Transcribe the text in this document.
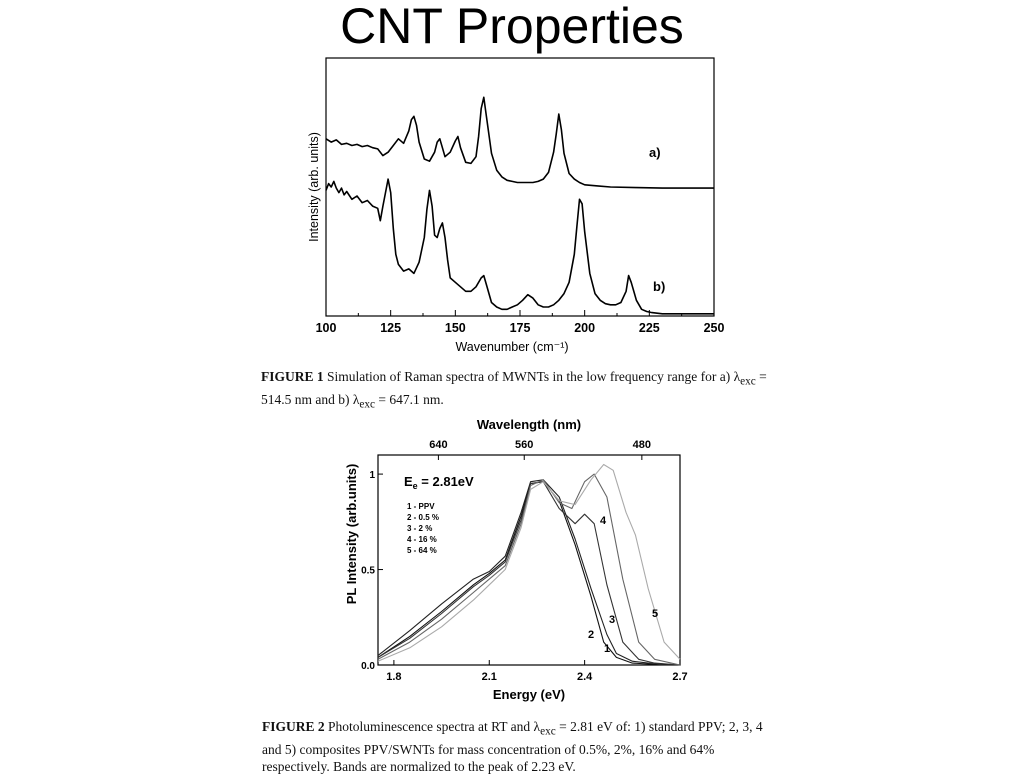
CNT Properties
100	125	150	175	200	225	250
a)
b)
Wavenumber (cm⁻¹)
Intensity (arb. units)
1.8	2.1	2.4	2.7
0.0
0.5
1
640	560	480
Wavelength (nm)
Energy (eV)
PL Intensity (arb.units)	$E_e = 2.81eV$
1 - PPV
2 - 0.5 %
3 - 2 %
4 - 16 %
5 - 64 %
1
2
3
4
5
FIGURE 1 Simulation of Raman spectra of MWNTs in the low frequency range for a) $\lambda_{exc} = 514.5$ nm and b) $\lambda_{exc} = 647.1$ nm.
FIGURE 2 Photoluminescence spectra at RT and $\lambda_{exc} = 2.81$ eV of: 1) standard PPV; 2, 3, 4 and 5) composites PPV/SWNTs for mass concentration of 0.5%, 2%, 16% and 64% respectively. Bands are normalized to the peak of 2.23 eV.
